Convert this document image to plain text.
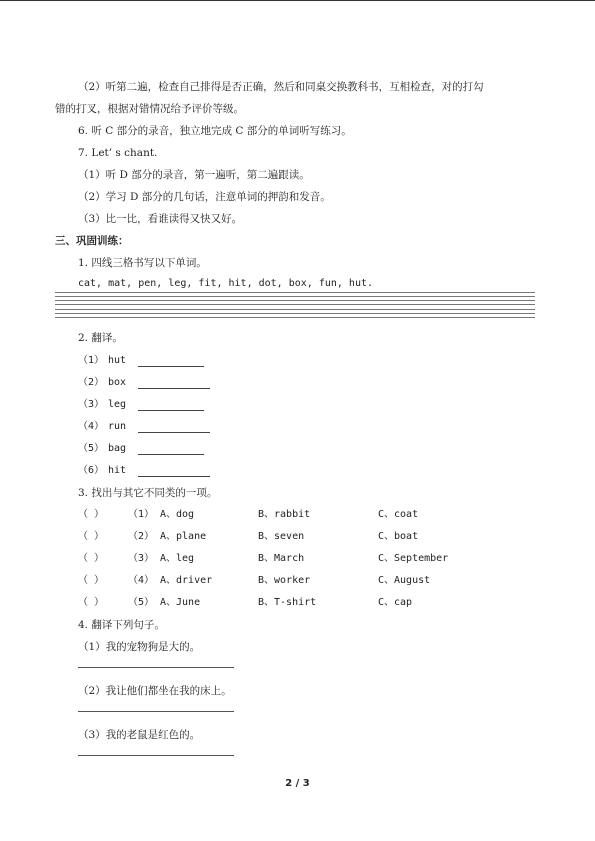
（2）听第二遍，检查自己排得是否正确，然后和同桌交换教科书，互相检查，对的打勾
错的打叉，根据对错情况给予评价等级。
6. 听 C 部分的录音，独立地完成 C 部分的单词听写练习。
7. Let’ s chant.
（1）听 D 部分的录音，第一遍听，第二遍跟读。
（2）学习 D 部分的几句话，注意单词的押韵和发音。
（3）比一比，看谁读得又快又好。
三、巩固训练：
1. 四线三格书写以下单词。
cat, mat, pen, leg, fit, hit, dot, box, fun, hut.
2. 翻译。
（1） hut
（2） box
（3） leg
（4） run
（5） bag
（6） hit
3. 找出与其它不同类的一项。
（ ） （1） A、dog	B、rabbit	C、coat
（ ） （2） A、plane	B、seven	C、boat
（ ） （3） A、leg	B、March	C、September
（ ） （4） A、driver	B、worker	C、August
（ ） （5） A、June	B、T-shirt	C、cap
4. 翻译下列句子。
（1）我的宠物狗是大的。
（2）我让他们都坐在我的床上。
（3）我的老鼠是红色的。
2 / 3
